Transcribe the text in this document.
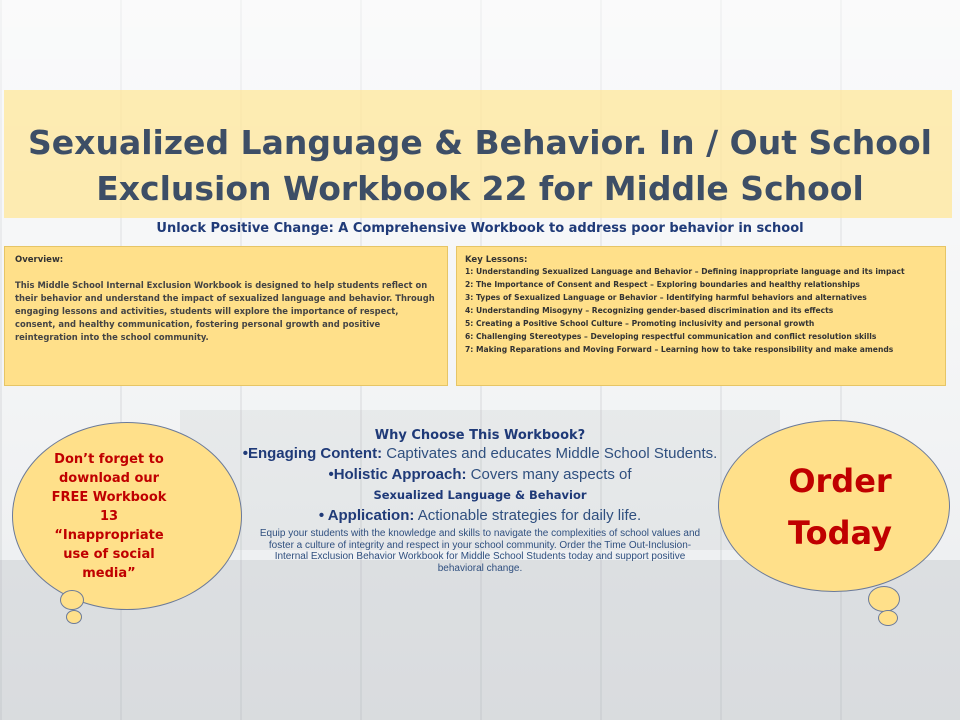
Sexualized Language & Behavior. In / Out School
Exclusion Workbook 22 for Middle School
Unlock Positive Change: A Comprehensive Workbook to address poor behavior in school
Overview:
This Middle School Internal Exclusion Workbook is designed to help students reflect on their behavior and understand the impact of sexualized language and behavior. Through engaging lessons and activities, students will explore the importance of respect, consent, and healthy communication, fostering personal growth and positive reintegration into the school community.
Key Lessons:
1: Understanding Sexualized Language and Behavior – Defining inappropriate language and its impact
2: The Importance of Consent and Respect – Exploring boundaries and healthy relationships
3: Types of Sexualized Language or Behavior – Identifying harmful behaviors and alternatives
4: Understanding Misogyny – Recognizing gender-based discrimination and its effects
5: Creating a Positive School Culture – Promoting inclusivity and personal growth
6: Challenging Stereotypes – Developing respectful communication and conflict resolution skills
7: Making Reparations and Moving Forward – Learning how to take responsibility and make amends
Why Choose This Workbook?
•Engaging Content: Captivates and educates Middle School Students.
•Holistic Approach: Covers many aspects of
Sexualized Language & Behavior
• Application: Actionable strategies for daily life.
Equip your students with the knowledge and skills to navigate the complexities of school values and foster a culture of integrity and respect in your school community. Order the Time Out-Inclusion- Internal Exclusion Behavior Workbook for Middle School Students today and support positive behavioral change.
Don’t forget to download our FREE Workbook 13 “Inappropriate use of social media”
Order
Today
